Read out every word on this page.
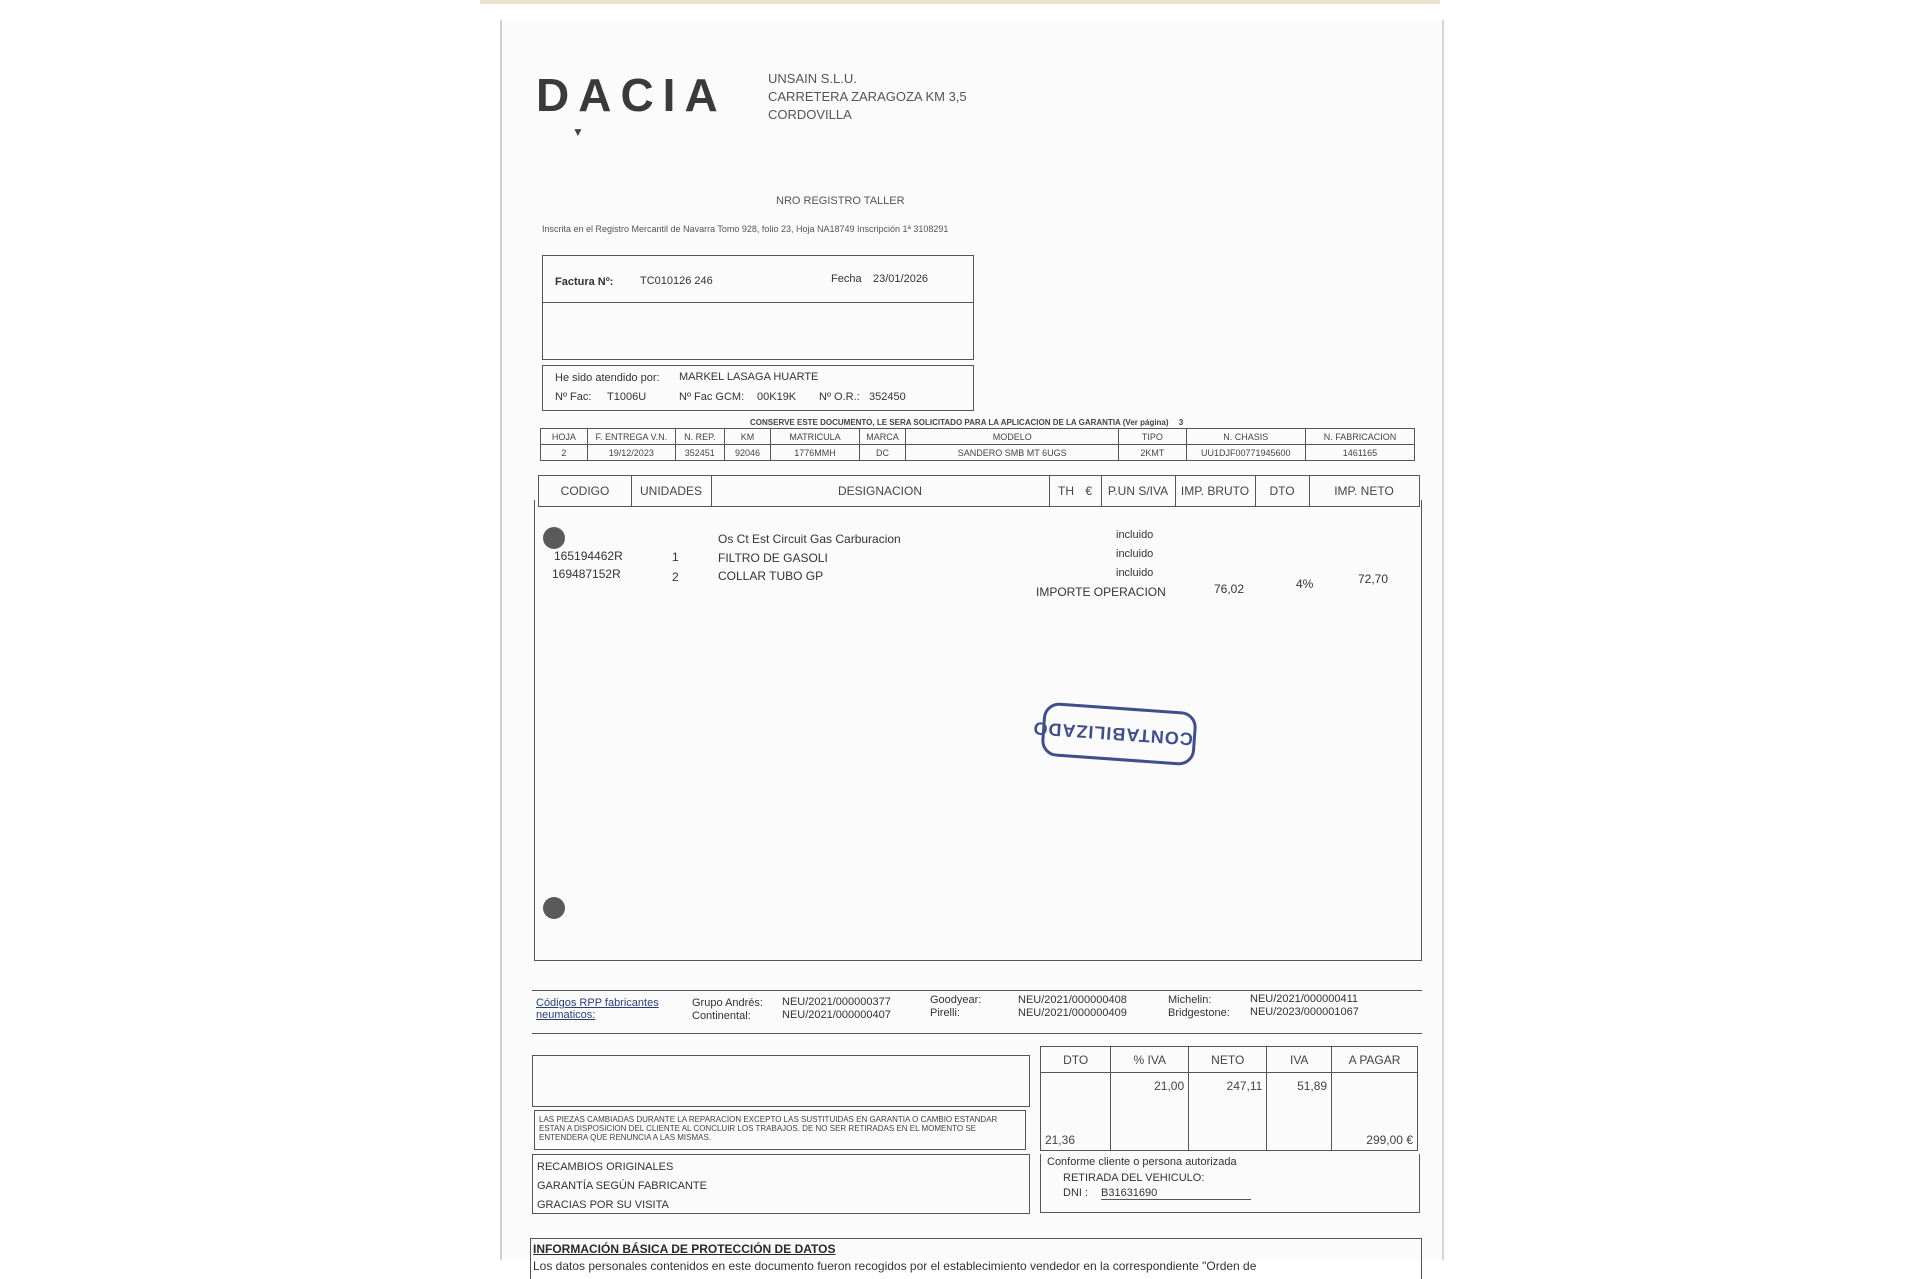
DACIA
▼
UNSAIN S.L.U.
CARRETERA ZARAGOZA KM 3,5
CORDOVILLA
NRO REGISTRO TALLER
Inscrita en el Registro Mercantil de Navarra Tomo 928, folio 23, Hoja NA18749 Inscripción 1ª 3108291
Factura Nº: TC010126 246	Fecha 23/01/2026
He sido atendido por: MARKEL LASAGA HUARTE
Nº Fac: T1006U	Nº Fac GCM: 00K19K Nº O.R.: 352450
CONSERVE ESTE DOCUMENTO, LE SERA SOLICITADO PARA LA APLICACION DE LA GARANTIA (Ver página) 3
HOJA	F. ENTREGA V.N.	N. REP.	KM	MATRICULA	MARCA	MODELO	TIPO	N. CHASIS	N. FABRICACION
2	19/12/2023	352451	92046	1776MMH	DC	SANDERO SMB MT 6UGS	2KMT	UU1DJF00771945600	1461165
CODIGO	UNIDADES	DESIGNACION	TH €	P.UN S/IVA	IMP. BRUTO	DTO	IMP. NETO
Os Ct Est Circuit Gas Carburacion	incluido
165194462R	1	FILTRO DE GASOLI	incluido
169487152R	2	COLLAR TUBO GP	incluido
IMPORTE OPERACION	76,02	4%	72,70
CONTABILIZADO
Códigos RPP fabricantes neumaticos:
Grupo Andrés: NEU/2021/000000377
Continental:	NEU/2021/000000407
Goodyear:	NEU/2021/000000408
Pirelli:	NEU/2021/000000409
Michelin:	NEU/2021/000000411
Bridgestone: NEU/2023/000001067
LAS PIEZAS CAMBIADAS DURANTE LA REPARACION EXCEPTO LAS SUSTITUIDAS EN GARANTIA O CAMBIO ESTANDAR ESTAN A DISPOSICION DEL CLIENTE AL CONCLUIR LOS TRABAJOS. DE NO SER RETIRADAS EN EL MOMENTO SE ENTENDERA QUE RENUNCIA A LAS MISMAS.
RECAMBIOS ORIGINALES
GARANTÍA SEGÚN FABRICANTE
GRACIAS POR SU VISITA
DTO	% IVA	NETO	IVA	A PAGAR
21,36	21,00	247,11	51,89	299,00 €
Conforme cliente o persona autorizada
RETIRADA DEL VEHICULO:
DNI : B31631690
INFORMACIÓN BÁSICA DE PROTECCIÓN DE DATOS
Los datos personales contenidos en este documento fueron recogidos por el establecimiento vendedor en la correspondiente "Orden de
